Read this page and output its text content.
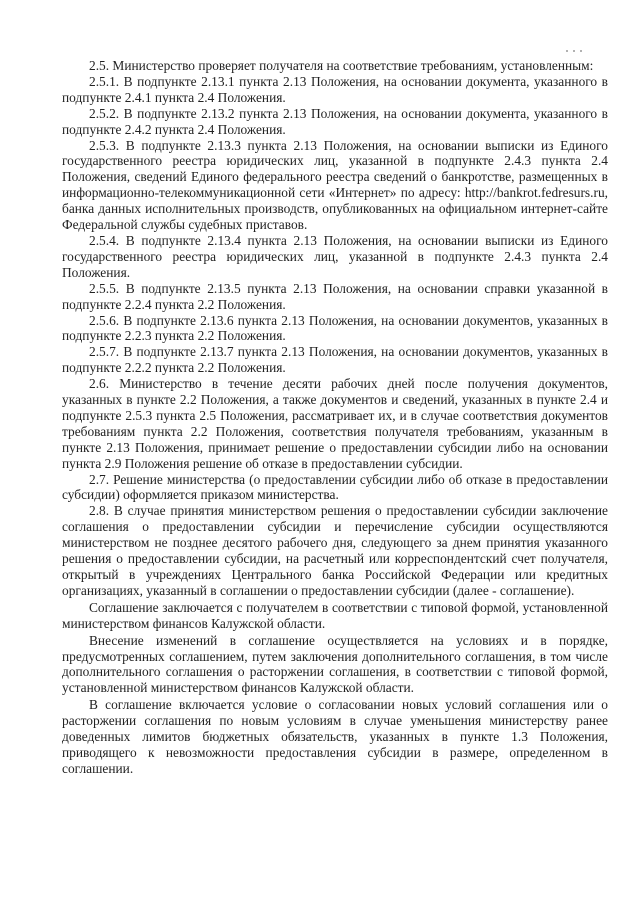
2.5. Министерство проверяет получателя на соответствие требованиям, установленным:

2.5.1. В подпункте 2.13.1 пункта 2.13 Положения, на основании документа, указанного в подпункте 2.4.1 пункта 2.4 Положения.

2.5.2. В подпункте 2.13.2 пункта 2.13 Положения, на основании документа, указанного в подпункте 2.4.2 пункта 2.4 Положения.

2.5.3. В подпункте 2.13.3 пункта 2.13 Положения, на основании выписки из Единого государственного реестра юридических лиц, указанной в подпункте 2.4.3 пункта 2.4 Положения, сведений Единого федерального реестра сведений о банкротстве, размещенных в информационно-телекоммуникационной сети «Интернет» по адресу: http://bankrot.fedresurs.ru, банка данных исполнительных производств, опубликованных на официальном интернет-сайте Федеральной службы судебных приставов.

2.5.4. В подпункте 2.13.4 пункта 2.13 Положения, на основании выписки из Единого государственного реестра юридических лиц, указанной в подпункте 2.4.3 пункта 2.4 Положения.

2.5.5. В подпункте 2.13.5 пункта 2.13 Положения, на основании справки указанной в подпункте 2.2.4 пункта 2.2 Положения.

2.5.6. В подпункте 2.13.6 пункта 2.13 Положения, на основании документов, указанных в подпункте 2.2.3 пункта 2.2 Положения.

2.5.7. В подпункте 2.13.7 пункта 2.13 Положения, на основании документов, указанных в подпункте 2.2.2 пункта 2.2 Положения.

2.6. Министерство в течение десяти рабочих дней после получения документов, указанных в пункте 2.2 Положения, а также документов и сведений, указанных в пункте 2.4 и подпункте 2.5.3 пункта 2.5 Положения, рассматривает их, и в случае соответствия документов требованиям пункта 2.2 Положения, соответствия получателя требованиям, указанным в пункте 2.13 Положения, принимает решение о предоставлении субсидии либо на основании пункта 2.9 Положения решение об отказе в предоставлении субсидии.

2.7. Решение министерства (о предоставлении субсидии либо об отказе в предоставлении субсидии) оформляется приказом министерства.

2.8. В случае принятия министерством решения о предоставлении субсидии заключение соглашения о предоставлении субсидии и перечисление субсидии осуществляются министерством не позднее десятого рабочего дня, следующего за днем принятия указанного решения о предоставлении субсидии, на расчетный или корреспондентский счет получателя, открытый в учреждениях Центрального банка Российской Федерации или кредитных организациях, указанный в соглашении о предоставлении субсидии (далее - соглашение).

Соглашение заключается с получателем в соответствии с типовой формой, установленной министерством финансов Калужской области.

Внесение изменений в соглашение осуществляется на условиях и в порядке, предусмотренных соглашением, путем заключения дополнительного соглашения, в том числе дополнительного соглашения о расторжении соглашения, в соответствии с типовой формой, установленной министерством финансов Калужской области.

В соглашение включается условие о согласовании новых условий соглашения или о расторжении соглашения по новым условиям в случае уменьшения министерству ранее доведенных лимитов бюджетных обязательств, указанных в пункте 1.3 Положения, приводящего к невозможности предоставления субсидии в размере, определенном в соглашении.
